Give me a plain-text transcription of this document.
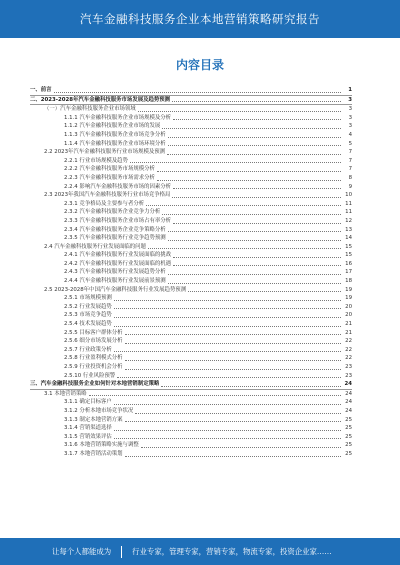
汽车金融科技服务企业本地营销策略研究报告
内容目录
一、前言	1
二、2023-2028年汽车金融科技服务市场发展及趋势预测	3
（一）汽车金融科技服务企业市场领域	3
1.1.1 汽车金融科技服务企业市场规模及分析	3
1.1.2 汽车金融科技服务企业市场的发展	3
1.1.3 汽车金融科技服务企业市场竞争分析	4
1.1.4 汽车金融科技服务企业市场环境分析	5
2.2 2023年汽车金融科技服务行业市场规模及预测	7
2.2.1 行业市场规模及趋势	7
2.2.2 汽车金融科技服务市场规模分析	7
2.2.3 汽车金融科技服务市场需求分析	8
2.2.4 影响汽车金融科技服务市场的因素分析	9
2.3 2023年我国汽车金融科技服务行业市场竞争格局	10
2.3.1 竞争格局及主要参与者分析	11
2.3.2 汽车金融科技服务企业竞争力分析	11
2.3.3 汽车金融科技服务企业市场占有率分析	12
2.3.4 汽车金融科技服务企业竞争策略分析	13
2.3.5 汽车金融科技服务行业竞争趋势预测	14
2.4 汽车金融科技服务行业发展面临的问题	15
2.4.1 汽车金融科技服务行业发展面临的挑战	15
2.4.2 汽车金融科技服务行业发展面临的机遇	16
2.4.3 汽车金融科技服务行业发展趋势分析	17
2.4.4 汽车金融科技服务行业发展前景预测	18
2.5 2023-2028年中国汽车金融科技服务行业发展趋势预测	19
2.5.1 市场规模预测	19
2.5.2 行业发展趋势	20
2.5.3 市场竞争趋势	20
2.5.4 技术发展趋势	21
2.5.5 目标客户群体分析	21
2.5.6 细分市场发展分析	22
2.5.7 行业政策分析	22
2.5.8 行业盈利模式分析	22
2.5.9 行业投资机会分析	23
2.5.10 行业风险预警	23
三、汽车金融科技服务企业如何针对本地营销制定策略	24
3.1 本地营销策略	24
3.1.1 确定目标客户	24
3.1.2 分析本地市场竞争状况	24
3.1.3 制定本地营销方案	25
3.1.4 营销渠道选择	25
3.1.5 营销效果评估	25
3.1.6 本地营销策略实施与调整	25
3.1.7 本地营销活动策划	25
让每个人都能成为	行业专家，管理专家，营销专家，物流专家，投资企业家……
